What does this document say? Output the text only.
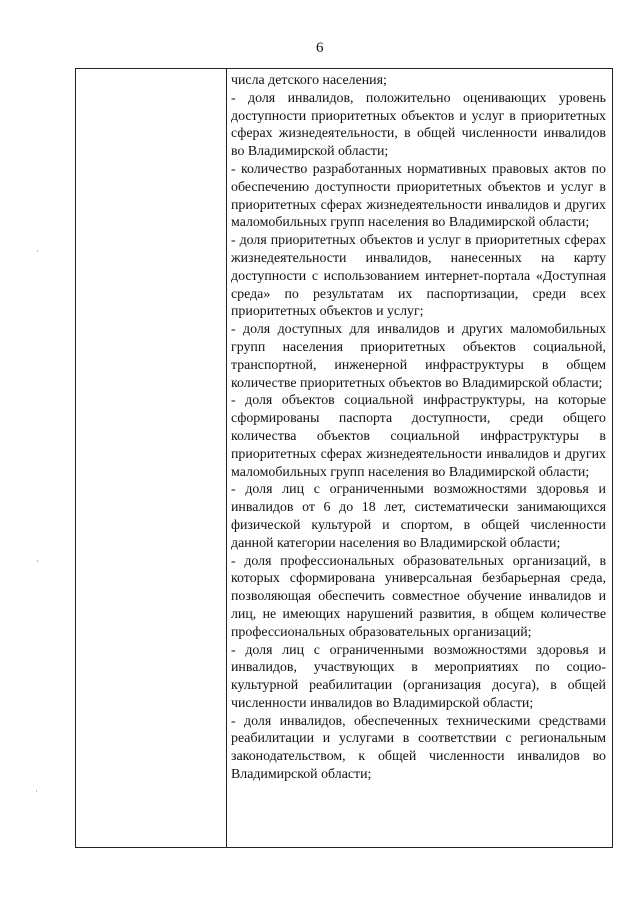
6

числа детского населения;

- доля инвалидов, положительно оценивающих уровень доступности приоритетных объектов и услуг в приоритетных сферах жизнедеятельности, в общей численности инвалидов во Владимирской области;

- количество разработанных нормативных правовых актов по обеспечению доступности приоритетных объектов и услуг в приоритетных сферах жизнедеятельности инвалидов и других маломобильных групп населения во Владимирской области;

- доля приоритетных объектов и услуг в приоритетных сферах жизнедеятельности инвалидов, нанесенных на карту доступности с использованием интернет-портала «Доступная среда» по результатам их паспортизации, среди всех приоритетных объектов и услуг;

- доля доступных для инвалидов и других маломобильных групп населения приоритетных объектов социальной, транспортной, инженерной инфраструктуры в общем количестве приоритетных объектов во Владимирской области;

- доля объектов социальной инфраструктуры, на которые сформированы паспорта доступности, среди общего количества объектов социальной инфраструктуры в приоритетных сферах жизнедеятельности инвалидов и других маломобильных групп населения во Владимирской области;

- доля лиц с ограниченными возможностями здоровья и инвалидов от 6 до 18 лет, систематически занимающихся физической культурой и спортом, в общей численности данной категории населения во Владимирской области;

- доля профессиональных образовательных организаций, в которых сформирована универсальная безбарьерная среда, позволяющая обеспечить совместное обучение инвалидов и лиц, не имеющих нарушений развития, в общем количестве профессиональных образовательных организаций;

- доля лиц с ограниченными возможностями здоровья и инвалидов, участвующих в мероприятиях по социо-культурной реабилитации (организация досуга), в общей численности инвалидов во Владимирской области;

- доля инвалидов, обеспеченных техническими средствами реабилитации и услугами в соответствии с региональным законодательством, к общей численности инвалидов во Владимирской области;
